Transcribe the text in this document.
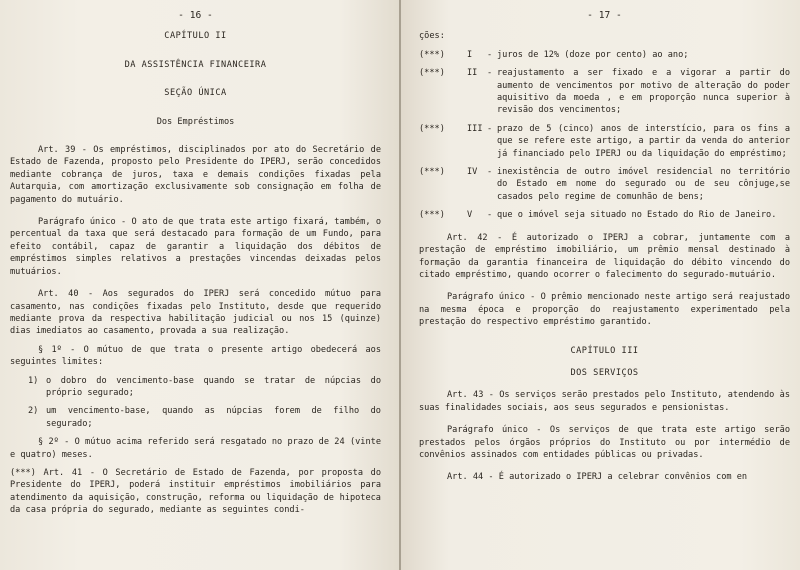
- 16 -

CAPÍTULO II

DA ASSISTÊNCIA FINANCEIRA

SEÇÃO ÚNICA

Dos Empréstimos

Art. 39 - Os empréstimos, disciplinados por ato do Secretário de Estado de Fazenda, proposto pelo Presidente do IPERJ, serão concedidos mediante cobrança de juros, taxa e demais condições fixadas pela Autarquia, com amortização exclusivamente sob consignação em folha de pagamento do mutuário.

Parágrafo único - O ato de que trata este artigo fixará, também, o percentual da taxa que será destacado para formação de um Fundo, para efeito contábil, capaz de garantir a liquidação dos débitos de empréstimos simples relativos a prestações vincendas deixadas pelos mutuários.

Art. 40 - Aos segurados do IPERJ será concedido mútuo para casamento, nas condições fixadas pelo Instituto, desde que requerido mediante prova da respectiva habilitação judicial ou nos 15 (quinze) dias imediatos ao casamento, provada a sua realização.

§ 1º - O mútuo de que trata o presente artigo obedecerá aos seguintes limites:

1) o dobro do vencimento-base quando se tratar de núpcias do próprio segurado;
2) um vencimento-base, quando as núpcias forem de filho do segurado;

§ 2º - O mútuo acima referido será resgatado no prazo de 24 (vinte e quatro) meses.

(***) Art. 41 - O Secretário de Estado de Fazenda, por proposta do Presidente do IPERJ, poderá instituir empréstimos imobiliários para atendimento da aquisição, construção, reforma ou liquidação de hipoteca da casa própria do segurado, mediante as seguintes condi-

- 17 -

ções:

(***)	I	- juros de 12% (doze por cento) ao ano;
(***)	II	- reajustamento a ser fixado e a vigorar a partir do aumento de vencimentos por motivo de alteração do poder aquisitivo da moeda , e em proporção nunca superior à revisão dos vencimentos;
(***)	III - prazo de 5 (cinco) anos de interstício, para os fins a que se refere este artigo, a partir da venda do anterior já financiado pelo IPERJ ou da liquidação do empréstimo;
(***)	IV	- inexistência de outro imóvel residencial no território do Estado em nome do segurado ou de seu cônjuge,se casados pelo regime de comunhão de bens;
(***)	V	- que o imóvel seja situado no Estado do Rio de Janeiro.

Art. 42 - É autorizado o IPERJ a cobrar, juntamente com a prestação de empréstimo imobiliário, um prêmio mensal destinado à formação da garantia financeira de liquidação do débito vincendo do citado empréstimo, quando ocorrer o falecimento do segurado-mutuário.

Parágrafo único - O prêmio mencionado neste artigo será reajustado na mesma época e proporção do reajustamento experimentado pela prestação do respectivo empréstimo garantido.

CAPÍTULO III

DOS SERVIÇOS

Art. 43 - Os serviços serão prestados pelo Instituto, atendendo às suas finalidades sociais, aos seus segurados e pensionistas.

Parágrafo único - Os serviços de que trata este artigo serão prestados pelos órgãos próprios do Instituto ou por intermédio de convênios assinados com entidades públicas ou privadas.

Art. 44 - É autorizado o IPERJ a celebrar convênios com en
